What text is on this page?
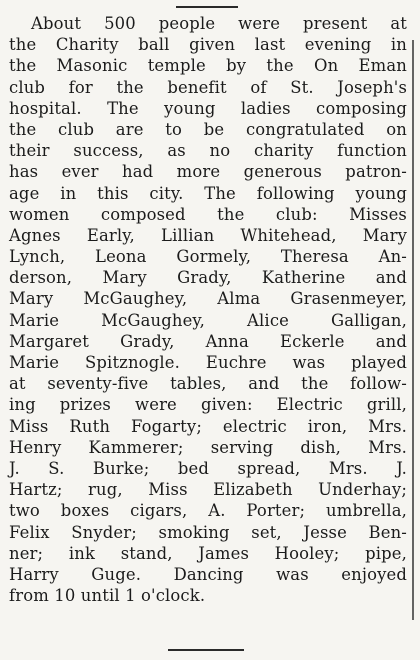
About 500 people were present at
the Charity ball given last evening in
the Masonic temple by the On Eman
club for the benefit of St. Joseph's
hospital. The young ladies composing
the club are to be congratulated on
their success, as no charity function
has ever had more generous patron-
age in this city. The following young
women composed the club: Misses
Agnes Early, Lillian Whitehead, Mary
Lynch, Leona Gormely, Theresa An-
derson, Mary Grady, Katherine and
Mary McGaughey, Alma Grasenmeyer,
Marie McGaughey, Alice Galligan,
Margaret Grady, Anna Eckerle and
Marie Spitznogle. Euchre was played
at seventy-five tables, and the follow-
ing prizes were given: Electric grill,
Miss Ruth Fogarty; electric iron, Mrs.
Henry Kammerer; serving dish, Mrs.
J. S. Burke; bed spread, Mrs. J.
Hartz; rug, Miss Elizabeth Underhay;
two boxes cigars, A. Porter; umbrella,
Felix Snyder; smoking set, Jesse Ben-
ner; ink stand, James Hooley; pipe,
Harry Guge. Dancing was enjoyed
from 10 until 1 o'clock.
